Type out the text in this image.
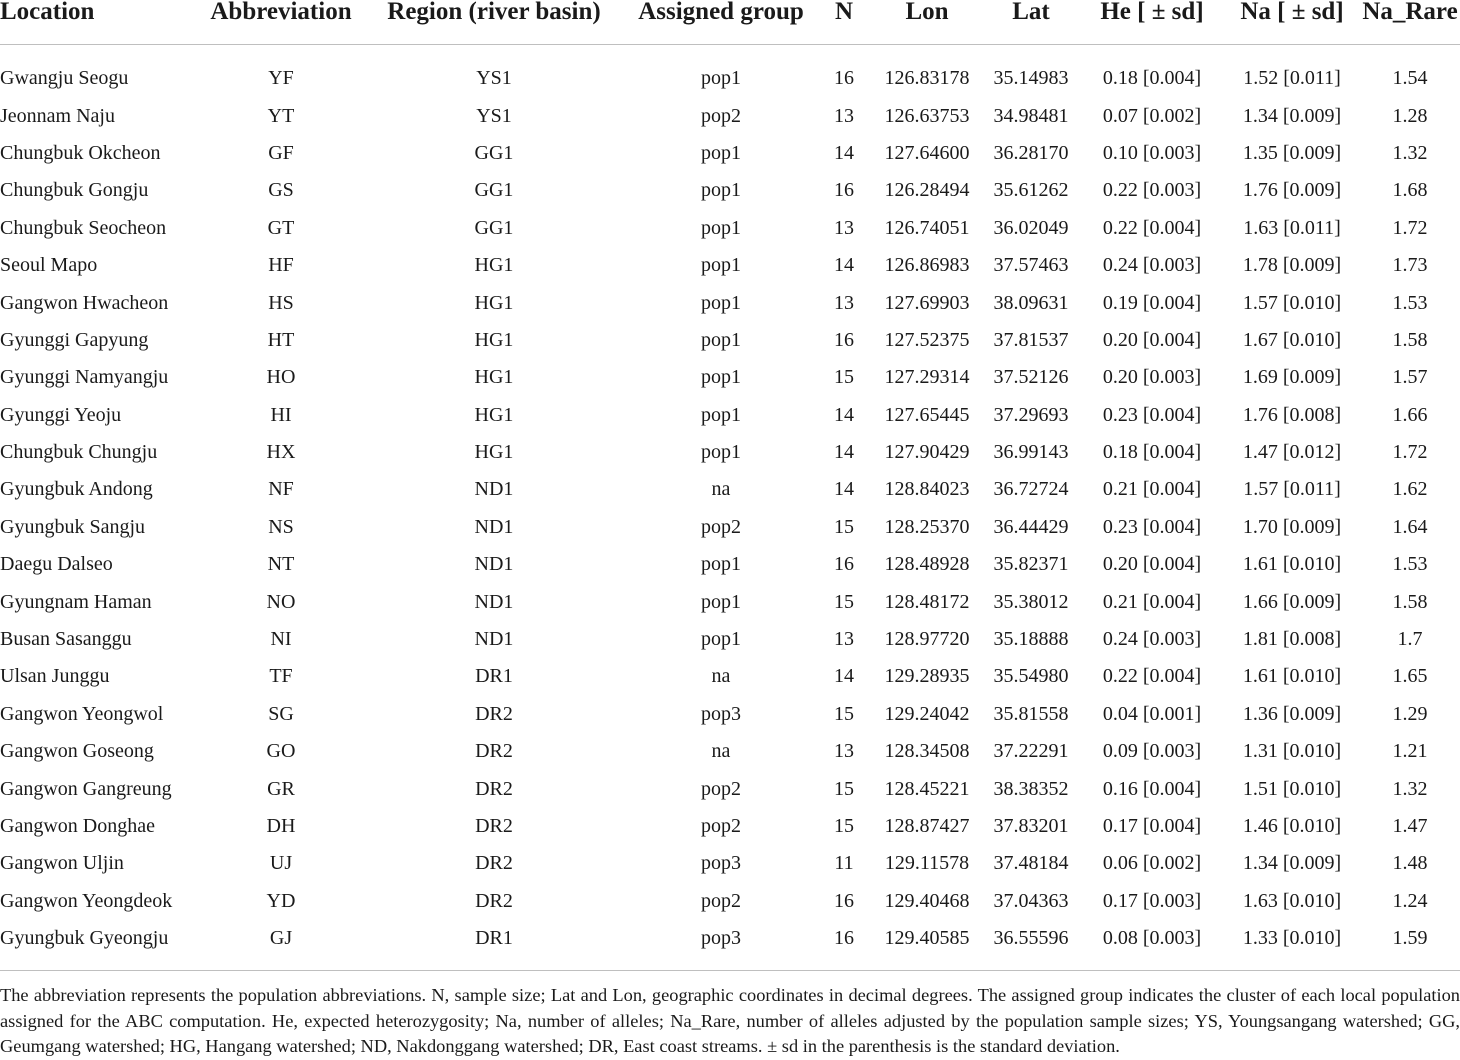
Location	Abbreviation	Region (river basin)	Assigned group	N	Lon	Lat	He [ ± sd]	Na [ ± sd]	Na_Rare

Gwangju Seogu	YF	YS1	pop1	16	126.83178	35.14983	0.18 [0.004]	1.52 [0.011]	1.54
Jeonnam Naju	YT	YS1	pop2	13	126.63753	34.98481	0.07 [0.002]	1.34 [0.009]	1.28
Chungbuk Okcheon	GF	GG1	pop1	14	127.64600	36.28170	0.10 [0.003]	1.35 [0.009]	1.32
Chungbuk Gongju	GS	GG1	pop1	16	126.28494	35.61262	0.22 [0.003]	1.76 [0.009]	1.68
Chungbuk Seocheon	GT	GG1	pop1	13	126.74051	36.02049	0.22 [0.004]	1.63 [0.011]	1.72
Seoul Mapo	HF	HG1	pop1	14	126.86983	37.57463	0.24 [0.003]	1.78 [0.009]	1.73
Gangwon Hwacheon	HS	HG1	pop1	13	127.69903	38.09631	0.19 [0.004]	1.57 [0.010]	1.53
Gyunggi Gapyung	HT	HG1	pop1	16	127.52375	37.81537	0.20 [0.004]	1.67 [0.010]	1.58
Gyunggi Namyangju	HO	HG1	pop1	15	127.29314	37.52126	0.20 [0.003]	1.69 [0.009]	1.57
Gyunggi Yeoju	HI	HG1	pop1	14	127.65445	37.29693	0.23 [0.004]	1.76 [0.008]	1.66
Chungbuk Chungju	HX	HG1	pop1	14	127.90429	36.99143	0.18 [0.004]	1.47 [0.012]	1.72
Gyungbuk Andong	NF	ND1	na	14	128.84023	36.72724	0.21 [0.004]	1.57 [0.011]	1.62
Gyungbuk Sangju	NS	ND1	pop2	15	128.25370	36.44429	0.23 [0.004]	1.70 [0.009]	1.64
Daegu Dalseo	NT	ND1	pop1	16	128.48928	35.82371	0.20 [0.004]	1.61 [0.010]	1.53
Gyungnam Haman	NO	ND1	pop1	15	128.48172	35.38012	0.21 [0.004]	1.66 [0.009]	1.58
Busan Sasanggu	NI	ND1	pop1	13	128.97720	35.18888	0.24 [0.003]	1.81 [0.008]	1.7
Ulsan Junggu	TF	DR1	na	14	129.28935	35.54980	0.22 [0.004]	1.61 [0.010]	1.65
Gangwon Yeongwol	SG	DR2	pop3	15	129.24042	35.81558	0.04 [0.001]	1.36 [0.009]	1.29
Gangwon Goseong	GO	DR2	na	13	128.34508	37.22291	0.09 [0.003]	1.31 [0.010]	1.21
Gangwon Gangreung	GR	DR2	pop2	15	128.45221	38.38352	0.16 [0.004]	1.51 [0.010]	1.32
Gangwon Donghae	DH	DR2	pop2	15	128.87427	37.83201	0.17 [0.004]	1.46 [0.010]	1.47
Gangwon Uljin	UJ	DR2	pop3	11	129.11578	37.48184	0.06 [0.002]	1.34 [0.009]	1.48
Gangwon Yeongdeok	YD	DR2	pop2	16	129.40468	37.04363	0.17 [0.003]	1.63 [0.010]	1.24
Gyungbuk Gyeongju	GJ	DR1	pop3	16	129.40585	36.55596	0.08 [0.003]	1.33 [0.010]	1.59
The abbreviation represents the population abbreviations. N, sample size; Lat and Lon, geographic coordinates in decimal degrees. The assigned group indicates the cluster of each local population assigned for the ABC computation. He, expected heterozygosity; Na, number of alleles; Na_Rare, number of alleles adjusted by the population sample sizes; YS, Youngsangang watershed; GG, Geumgang watershed; HG, Hangang watershed; ND, Nakdonggang watershed; DR, East coast streams. ± sd in the parenthesis is the standard deviation.
